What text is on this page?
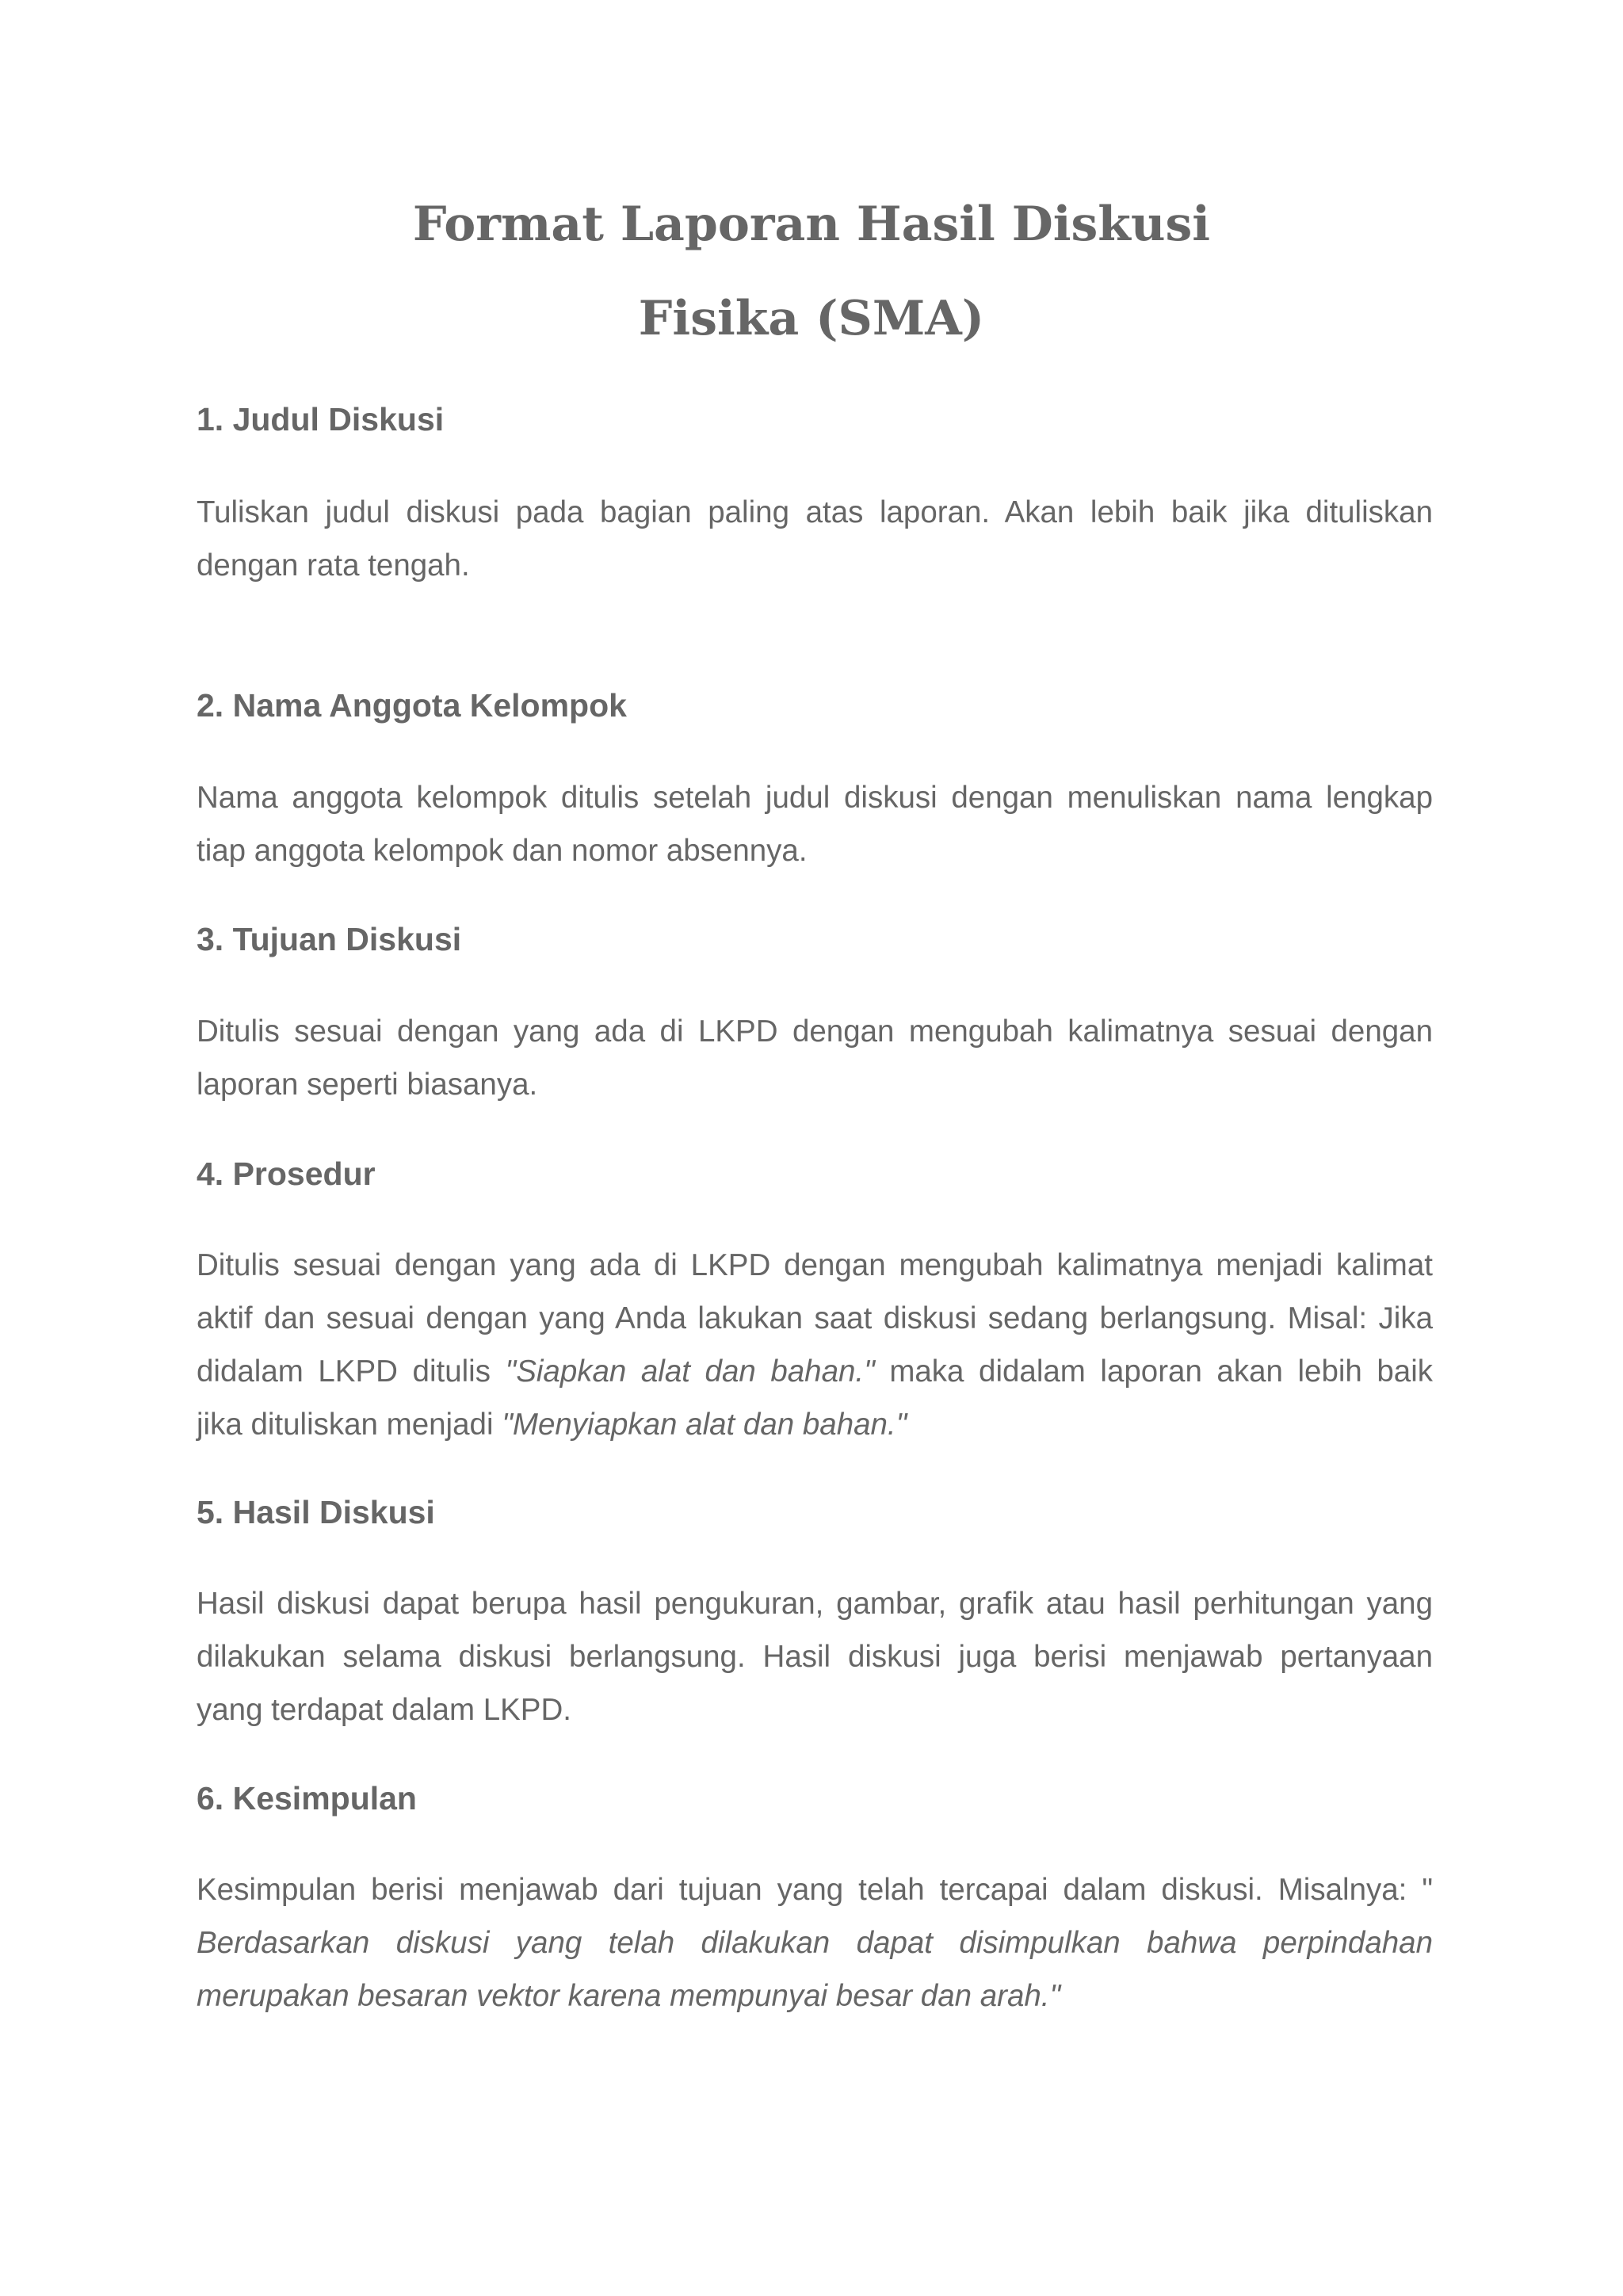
Format Laporan Hasil Diskusi
Fisika (SMA)
1. Judul Diskusi

Tuliskan judul diskusi pada bagian paling atas laporan. Akan lebih baik jika dituliskan
dengan rata tengah.

2. Nama Anggota Kelompok

Nama anggota kelompok ditulis setelah judul diskusi dengan menuliskan nama lengkap
tiap anggota kelompok dan nomor absennya.

3. Tujuan Diskusi

Ditulis sesuai dengan yang ada di LKPD dengan mengubah kalimatnya sesuai dengan
laporan seperti biasanya.

4. Prosedur

Ditulis sesuai dengan yang ada di LKPD dengan mengubah kalimatnya menjadi kalimat
aktif dan sesuai dengan yang Anda lakukan saat diskusi sedang berlangsung. Misal: Jika
didalam LKPD ditulis "Siapkan alat dan bahan." maka didalam laporan akan lebih baik
jika dituliskan menjadi "Menyiapkan alat dan bahan."

5. Hasil Diskusi

Hasil diskusi dapat berupa hasil pengukuran, gambar, grafik atau hasil perhitungan yang
dilakukan selama diskusi berlangsung. Hasil diskusi juga berisi menjawab pertanyaan
yang terdapat dalam LKPD.

6. Kesimpulan

Kesimpulan berisi menjawab dari tujuan yang telah tercapai dalam diskusi. Misalnya: "
Berdasarkan diskusi yang telah dilakukan dapat disimpulkan bahwa perpindahan
merupakan besaran vektor karena mempunyai besar dan arah."
